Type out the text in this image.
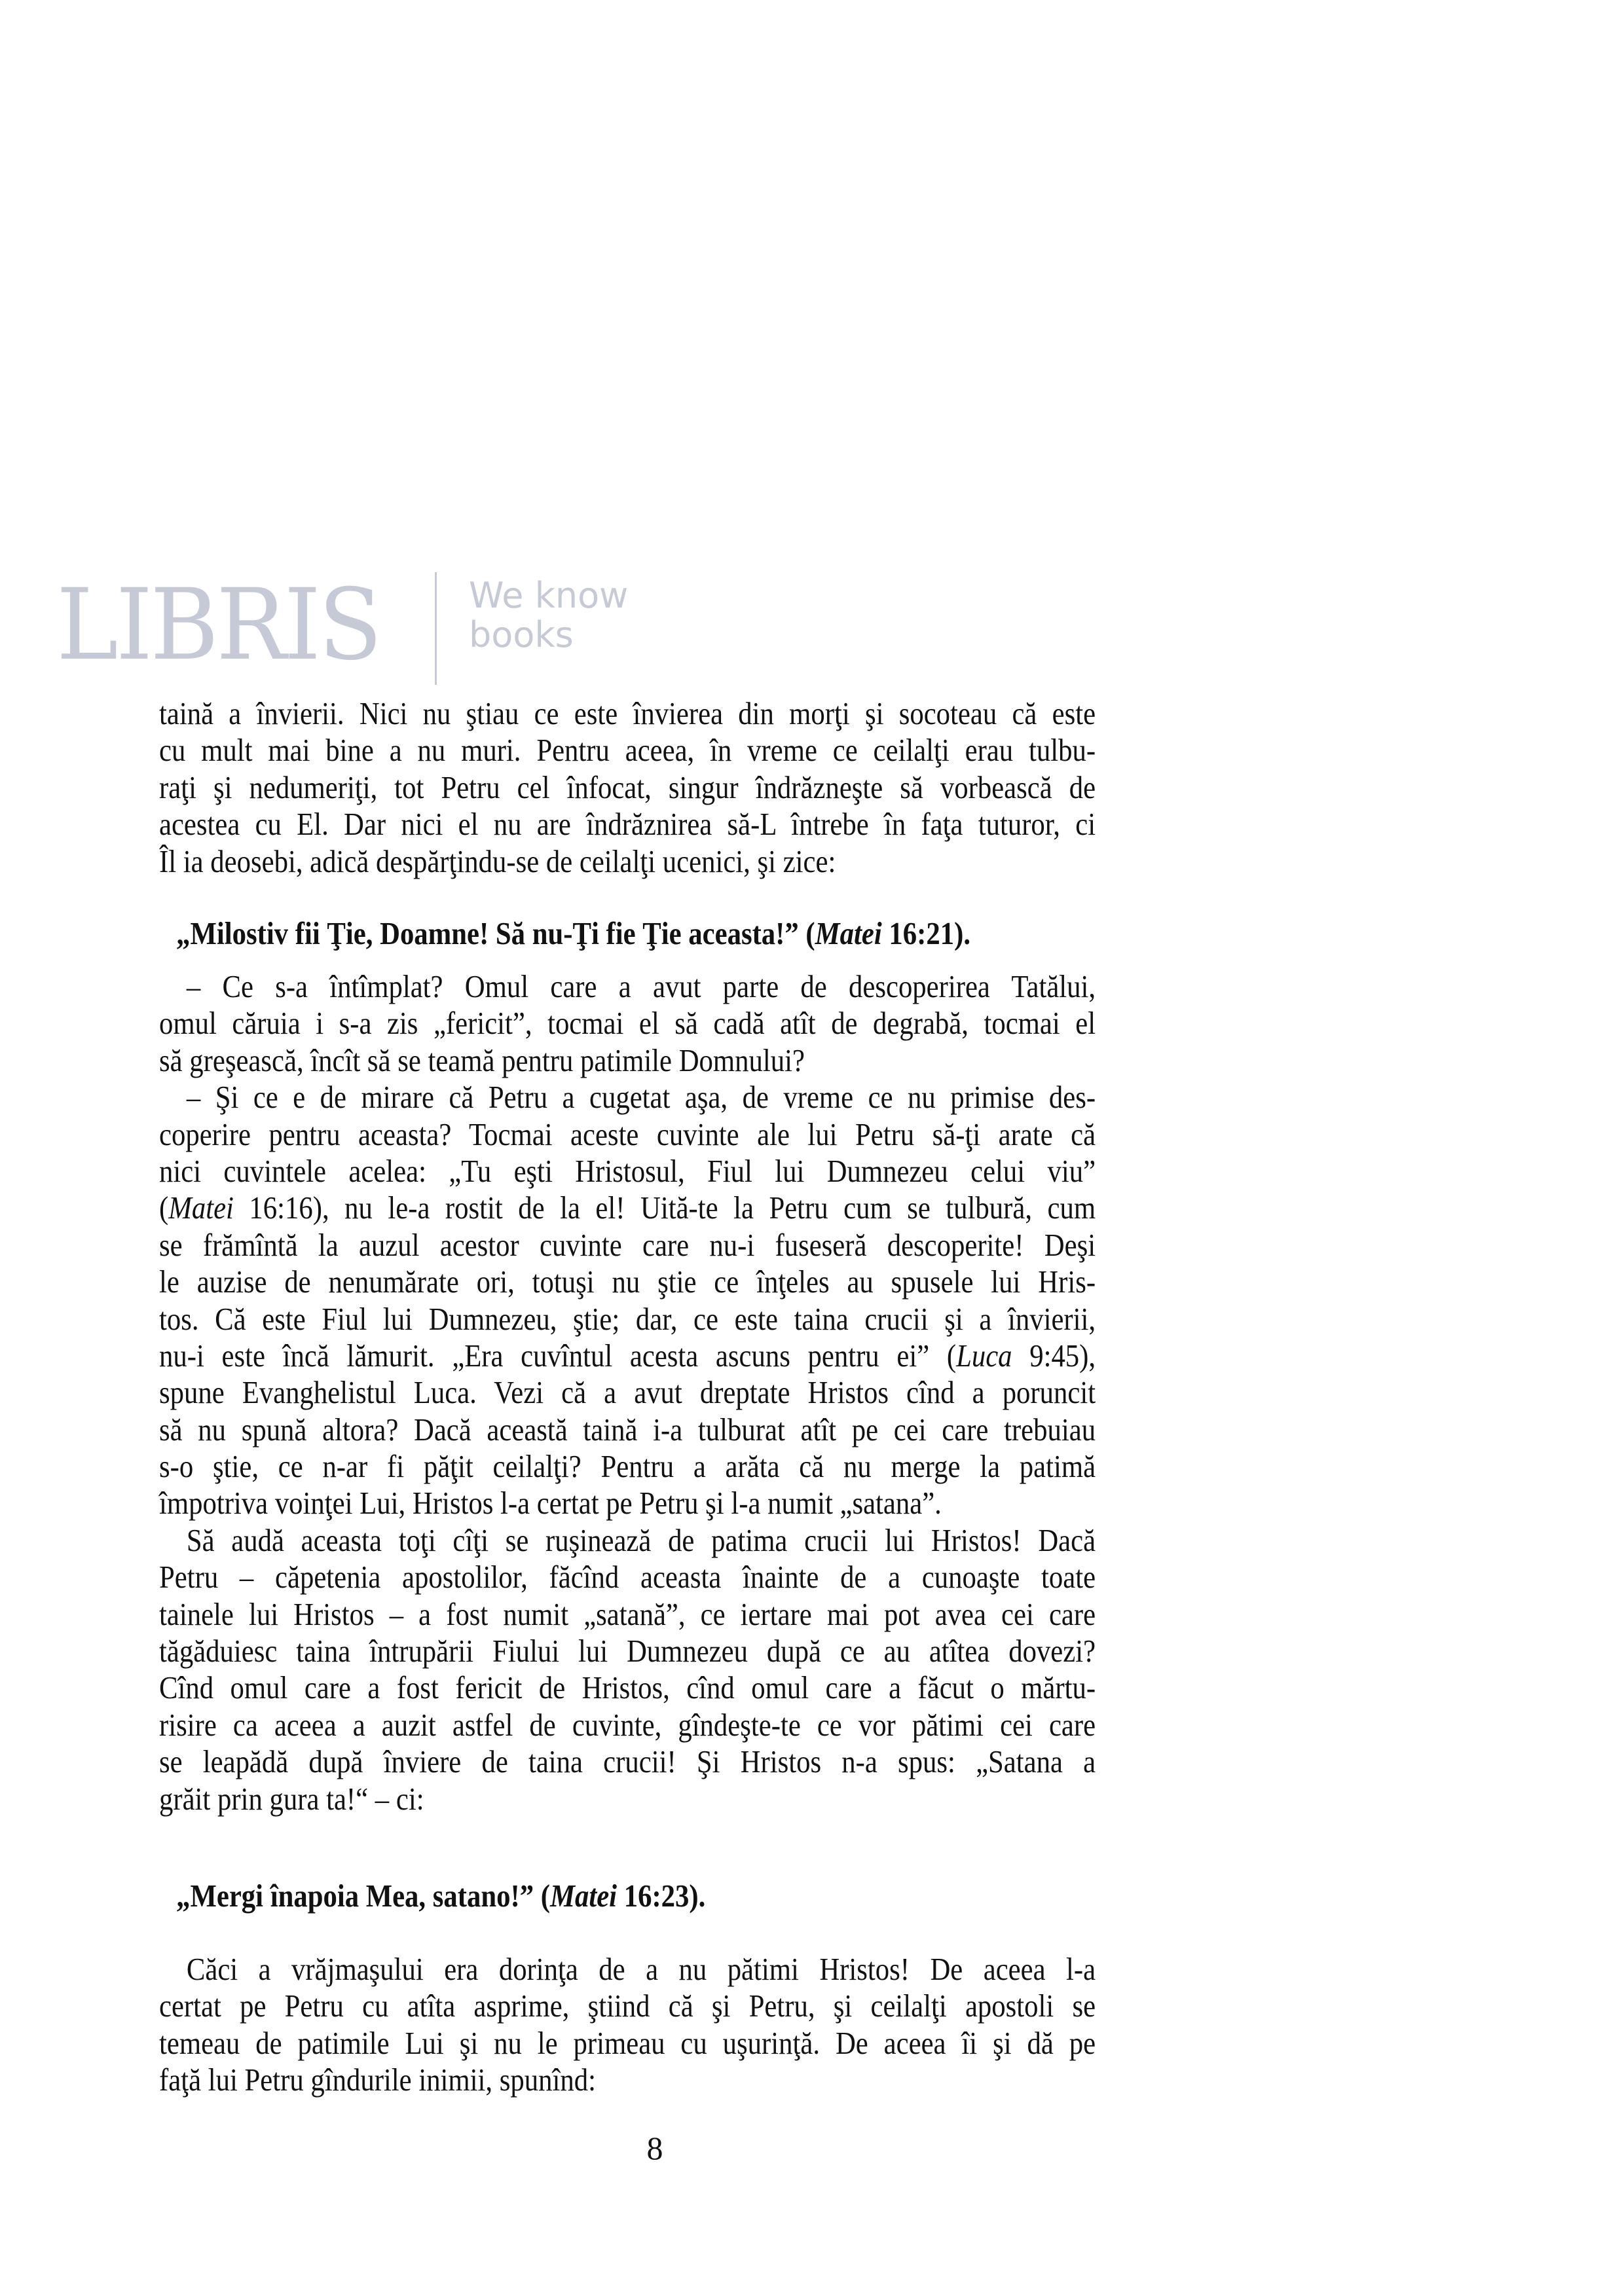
LIBRIS	We know
books
taină a învierii. Nici nu ştiau ce este învierea din morţi şi socoteau că este
cu mult mai bine a nu muri. Pentru aceea, în vreme ce ceilalţi erau tulbu-
raţi şi nedumeriţi, tot Petru cel înfocat, singur îndrăzneşte să vorbească de
acestea cu El. Dar nici el nu are îndrăznirea să-L întrebe în faţa tuturor, ci
Îl ia deosebi, adică despărţindu-se de ceilalţi ucenici, şi zice:
„Milostiv fii Ţie, Doamne! Să nu-Ţi fie Ţie aceasta!” (Matei 16:21).
– Ce s-a întîmplat? Omul care a avut parte de descoperirea Tatălui,
omul căruia i s-a zis „fericit”, tocmai el să cadă atît de degrabă, tocmai el
să greşească, încît să se teamă pentru patimile Domnului?
– Şi ce e de mirare că Petru a cugetat aşa, de vreme ce nu primise des-
coperire pentru aceasta? Tocmai aceste cuvinte ale lui Petru să-ţi arate că
nici cuvintele acelea: „Tu eşti Hristosul, Fiul lui Dumnezeu celui viu”
(Matei 16:16), nu le-a rostit de la el! Uită-te la Petru cum se tulbură, cum
se frămîntă la auzul acestor cuvinte care nu-i fuseseră descoperite! Deşi
le auzise de nenumărate ori, totuşi nu ştie ce înţeles au spusele lui Hris-
tos. Că este Fiul lui Dumnezeu, ştie; dar, ce este taina crucii şi a învierii,
nu-i este încă lămurit. „Era cuvîntul acesta ascuns pentru ei” (Luca 9:45),
spune Evanghelistul Luca. Vezi că a avut dreptate Hristos cînd a poruncit
să nu spună altora? Dacă această taină i-a tulburat atît pe cei care trebuiau
s-o ştie, ce n-ar fi păţit ceilalţi? Pentru a arăta că nu merge la patimă
împotriva voinţei Lui, Hristos l-a certat pe Petru şi l-a numit „satana”.
Să audă aceasta toţi cîţi se ruşinează de patima crucii lui Hristos! Dacă
Petru – căpetenia apostolilor, făcînd aceasta înainte de a cunoaşte toate
tainele lui Hristos – a fost numit „satană”, ce iertare mai pot avea cei care
tăgăduiesc taina întrupării Fiului lui Dumnezeu după ce au atîtea dovezi?
Cînd omul care a fost fericit de Hristos, cînd omul care a făcut o mărtu-
risire ca aceea a auzit astfel de cuvinte, gîndeşte-te ce vor pătimi cei care
se leapădă după înviere de taina crucii! Şi Hristos n-a spus: „Satana a
grăit prin gura ta!“ – ci:
„Mergi înapoia Mea, satano!” (Matei 16:23).
Căci a vrăjmaşului era dorinţa de a nu pătimi Hristos! De aceea l-a
certat pe Petru cu atîta asprime, ştiind că şi Petru, şi ceilalţi apostoli se
temeau de patimile Lui şi nu le primeau cu uşurinţă. De aceea îi şi dă pe
faţă lui Petru gîndurile inimii, spunînd:
8
